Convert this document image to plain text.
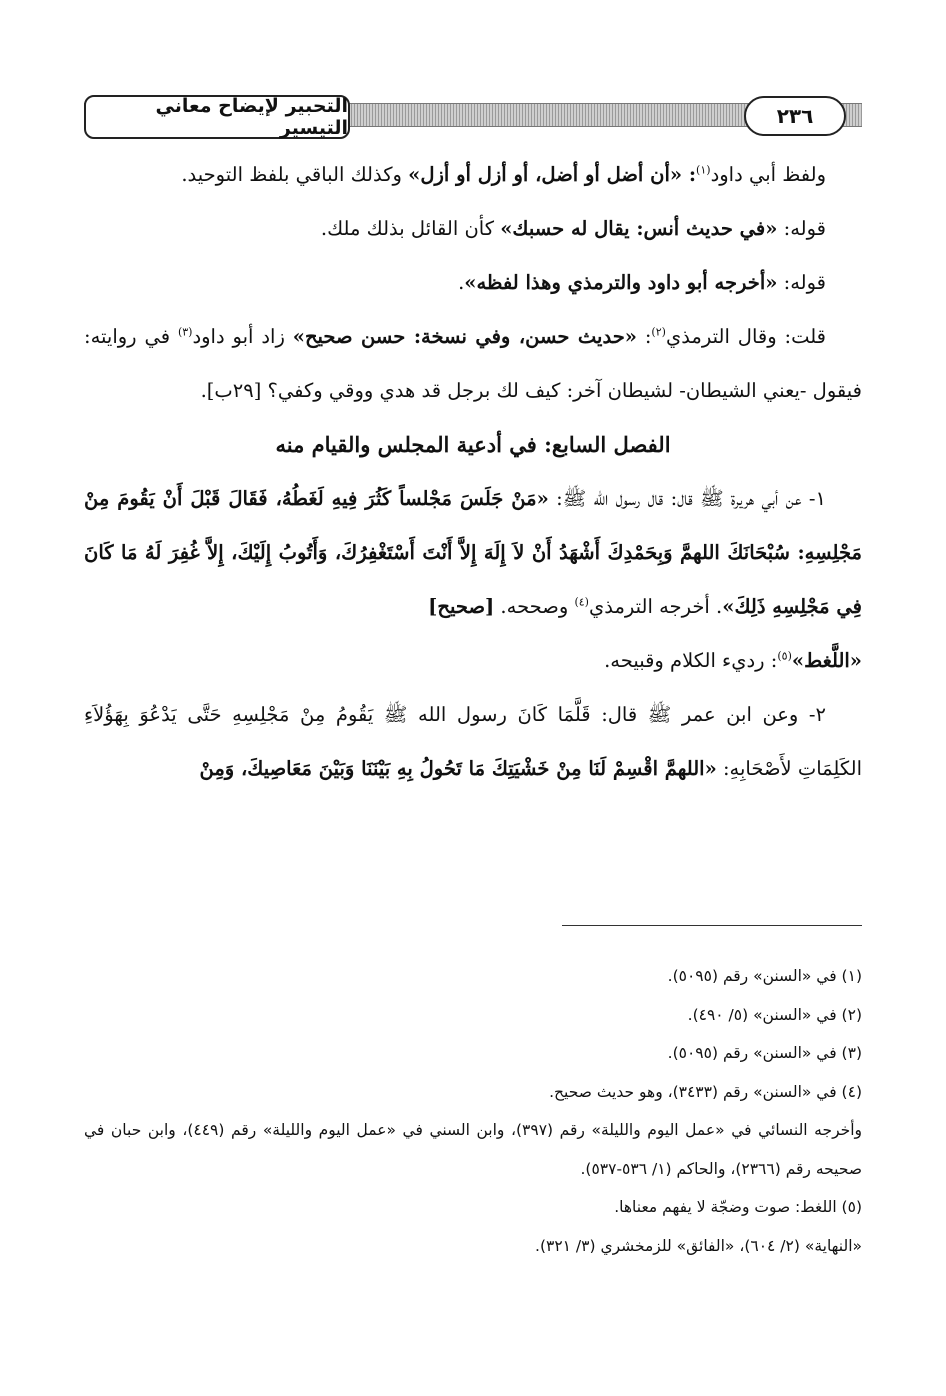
التحبير لإيضاح معاني التيسير	٢٣٦

ولفظ أبي داود$^{(١)}$: «أن أضل أو أضل، أو أزل أو أزل» وكذلك الباقي بلفظ التوحيد.

قوله: «في حديث أنس: يقال له حسبك» كأن القائل بذلك ملك.

قوله: «أخرجه أبو داود والترمذي وهذا لفظه».

قلت: وقال الترمذي$^{(٢)}$: «حديث حسن، وفي نسخة: حسن صحيح» زاد أبو داود$^{(٣)}$ في روايته: فيقول -يعني الشيطان- لشيطان آخر: كيف لك برجل قد هدي ووقي وكفي؟ [٢٩ب].

الفصل السابع: في أدعية المجلس والقيام منه

١- عن أبي هريرة ﷺ قال: قال رسول الله ﷺ: «مَنْ جَلَسَ مَجْلساً كَثُرَ فِيهِ لَغَطُهُ، فَقَالَ قَبْلَ أَنْ يَقُومَ مِنْ مَجْلِسِهِ: سُبْحَانَكَ اللهمَّ وَبِحَمْدِكَ أَشْهَدُ أَنْ لاَ إِلَهَ إِلاَّ أَنْتَ أَسْتَغْفِرُكَ، وَأَتُوبُ إِلَيْكَ، إِلاَّ غُفِرَ لَهُ مَا كَانَ فِي مَجْلِسِهِ ذَلِكَ». أخرجه الترمذي$^{(٤)}$ وصححه. [صحيح]

«اللَّغط»$^{(٥)}$: رديء الكلام وقبيحه.

٢- وعن ابن عمر ﷺ قال: قَلَّمَا كَانَ رسول الله ﷺ يَقُومُ مِنْ مَجْلِسِهِ حَتَّى يَدْعُوَ بِهَؤُلاَءِ الكَلِمَاتِ لأَصْحَابِهِ: «اللهمَّ اقْسِمْ لَنَا مِنْ خَشْيَتِكَ مَا تَحُولُ بِهِ بَيْنَنَا وَبَيْنَ مَعَاصِيكَ، وَمِنْ

(١) في «السنن» رقم (٥٠٩٥).

(٢) في «السنن» (٥/ ٤٩٠).

(٣) في «السنن» رقم (٥٠٩٥).

(٤) في «السنن» رقم (٣٤٣٣)، وهو حديث صحيح.

وأخرجه النسائي في «عمل اليوم والليلة» رقم (٣٩٧)، وابن السني في «عمل اليوم والليلة» رقم (٤٤٩)، وابن حبان في صحيحه رقم (٢٣٦٦)، والحاكم (١/ ٥٣٦-٥٣٧).

(٥) اللغط: صوت وضجّة لا يفهم معناها.

«النهاية» (٢/ ٦٠٤)، «الفائق» للزمخشري (٣/ ٣٢١).
